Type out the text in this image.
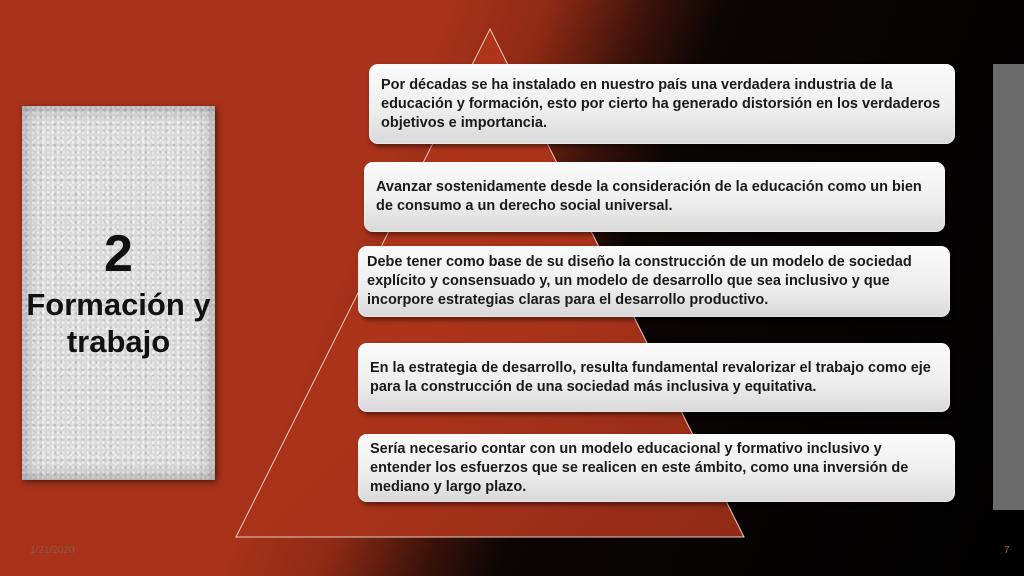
2
Formación y trabajo
Por décadas se ha instalado en nuestro país una verdadera industria de la educación y formación, esto por cierto ha generado distorsión en los verdaderos objetivos e importancia.
Avanzar sostenidamente desde la consideración de la educación como un bien de consumo a un derecho social universal.
Debe tener como base de su diseño la construcción de un modelo de sociedad explícito y consensuado y, un modelo de desarrollo que sea inclusivo y que incorpore estrategias claras para el desarrollo productivo.
En la estrategia de desarrollo, resulta fundamental revalorizar el trabajo como eje para la construcción de una sociedad más inclusiva y equitativa.
Sería necesario contar con un modelo educacional y formativo inclusivo y entender los esfuerzos que se realicen en este ámbito, como una inversión de mediano y largo plazo.
1/21/2020	7
